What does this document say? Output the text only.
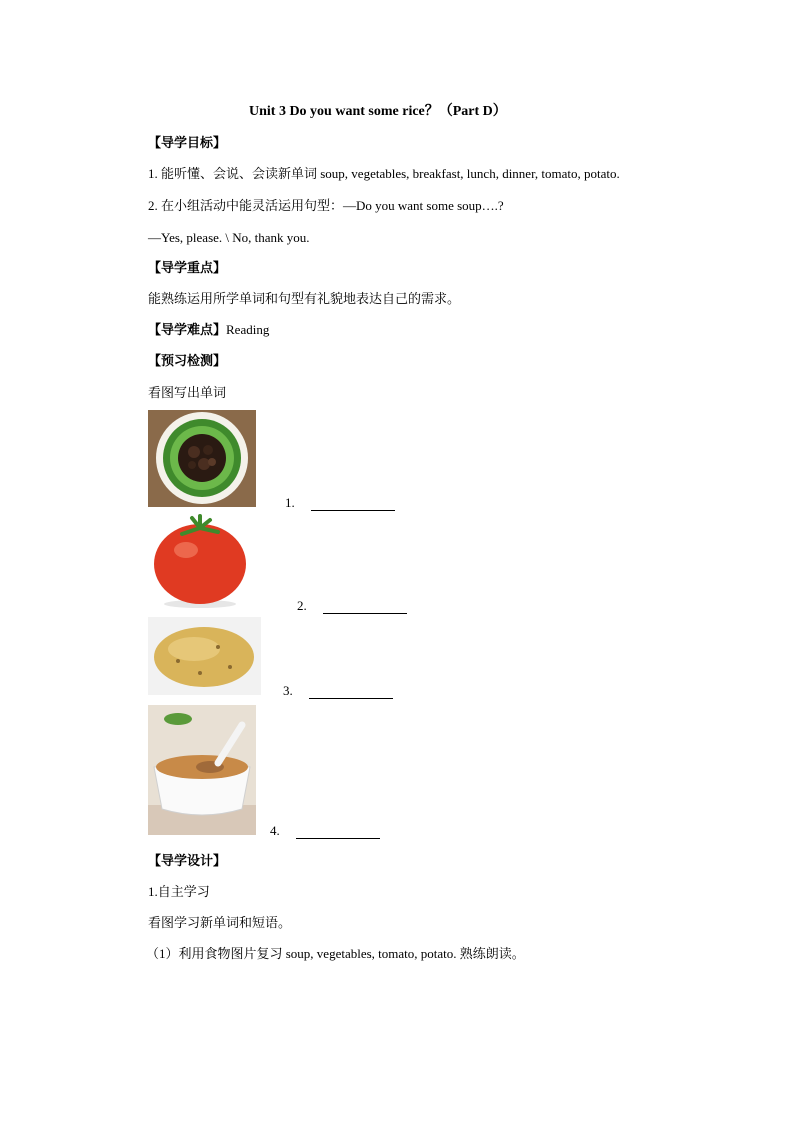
Unit 3 Do you want some rice？（Part D）
【导学目标】
1. 能听懂、会说、会读新单词 soup, vegetables, breakfast, lunch, dinner, tomato, potato.
2. 在小组活动中能灵活运用句型：—Do you want some soup….?
—Yes, please. \ No, thank you.
【导学重点】
能熟练运用所学单词和句型有礼貌地表达自己的需求。
【导学难点】Reading
【预习检测】
看图写出单词
1.
2.
3.
4.
【导学设计】
1.自主学习
看图学习新单词和短语。
（1）利用食物图片复习 soup, vegetables, tomato, potato. 熟练朗读。
